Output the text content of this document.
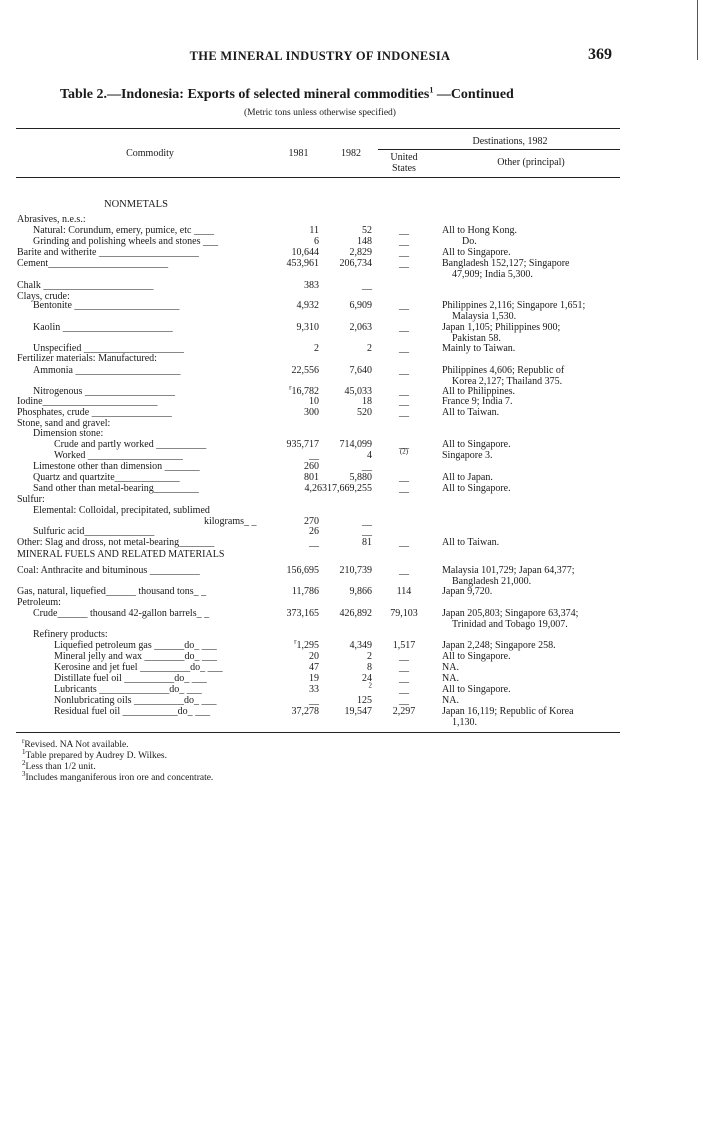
THE MINERAL INDUSTRY OF INDONESIA	369
Table 2.—Indonesia: Exports of selected mineral commodities$^1$ —Continued
(Metric tons unless otherwise specified)
Commodity	1981	1982
Destinations, 1982
United
States
Other (principal)
NONMETALS
Abrasives, n.e.s.:
Natural: Corundum, emery, pumice, etc ____	11	52	__	All to Hong Kong.
Grinding and polishing wheels and stones ___	6	148	__	Do.
Barite and witherite ____________________	10,644	2,829	__	All to Singapore.
Cement________________________	453,961	206,734	__	Bangladesh 152,127; Singapore
47,909; India 5,300.
Chalk ______________________	383	__
Clays, crude:
Bentonite _____________________	4,932	6,909	__	Philippines 2,116; Singapore 1,651;
Malaysia 1,530.
Kaolin ______________________	9,310	2,063	__	Japan 1,105; Philippines 900;
Pakistan 58.
Unspecified ____________________	2	2	__	Mainly to Taiwan.
Fertilizer materials: Manufactured:
Ammonia _____________________	22,556	7,640	__	Philippines 4,606; Republic of
Korea 2,127; Thailand 375.
Nitrogenous __________________	$^r$16,782	45,033	__	All to Philippines.
Iodine_______________________	10	18	__	France 9; India 7.
Phosphates, crude ________________	300	520	__	All to Taiwan.
Stone, sand and gravel:
Dimension stone:
Crude and partly worked __________	935,717	714,099	__	All to Singapore.
Worked ___________________	__	4	$^{(2)}$	Singapore 3.
Limestone other than dimension _______	260	__
Quartz and quartzite_____________	801	5,880	__	All to Japan.
Sand other than metal-bearing_________	4,26317,669,255	__	All to Singapore.
Sulfur:
Elemental: Colloidal, precipitated, sublimed
kilograms_ _	270	__
Sulfuric acid______________	26	__
Other: Slag and dross, not metal-bearing_______	__	81	__	All to Taiwan.
MINERAL FUELS AND RELATED MATERIALS
Coal: Anthracite and bituminous __________	156,695	210,739	__	Malaysia 101,729; Japan 64,377;
Bangladesh 21,000.
Gas, natural, liquefied______ thousand tons_ _	11,786	9,866	114	Japan 9,720.
Petroleum:
Crude______ thousand 42-gallon barrels_ _	373,165	426,892	79,103	Japan 205,803; Singapore 63,374;
Trinidad and Tobago 19,007.
Refinery products:
Liquefied petroleum gas ______do_ ___	$^r$1,295	4,349	1,517	Japan 2,248; Singapore 258.
Mineral jelly and wax ________do_ ___	20	2	__	All to Singapore.
Kerosine and jet fuel __________do_ ___	47	8	__	NA.
Distillate fuel oil __________do_ ___	19	24	__	NA.
Lubricants ______________do_ ___	33	$^2$	__	All to Singapore.
Nonlubricating oils __________do_ ___	__	125	__	NA.
Residual fuel oil ___________do_ ___	37,278	19,547	2,297	Japan 16,119; Republic of Korea
1,130.
$^r$Revised. NA Not available.
$^1$Table prepared by Audrey D. Wilkes.
$^2$Less than 1/2 unit.
$^3$Includes manganiferous iron ore and concentrate.
